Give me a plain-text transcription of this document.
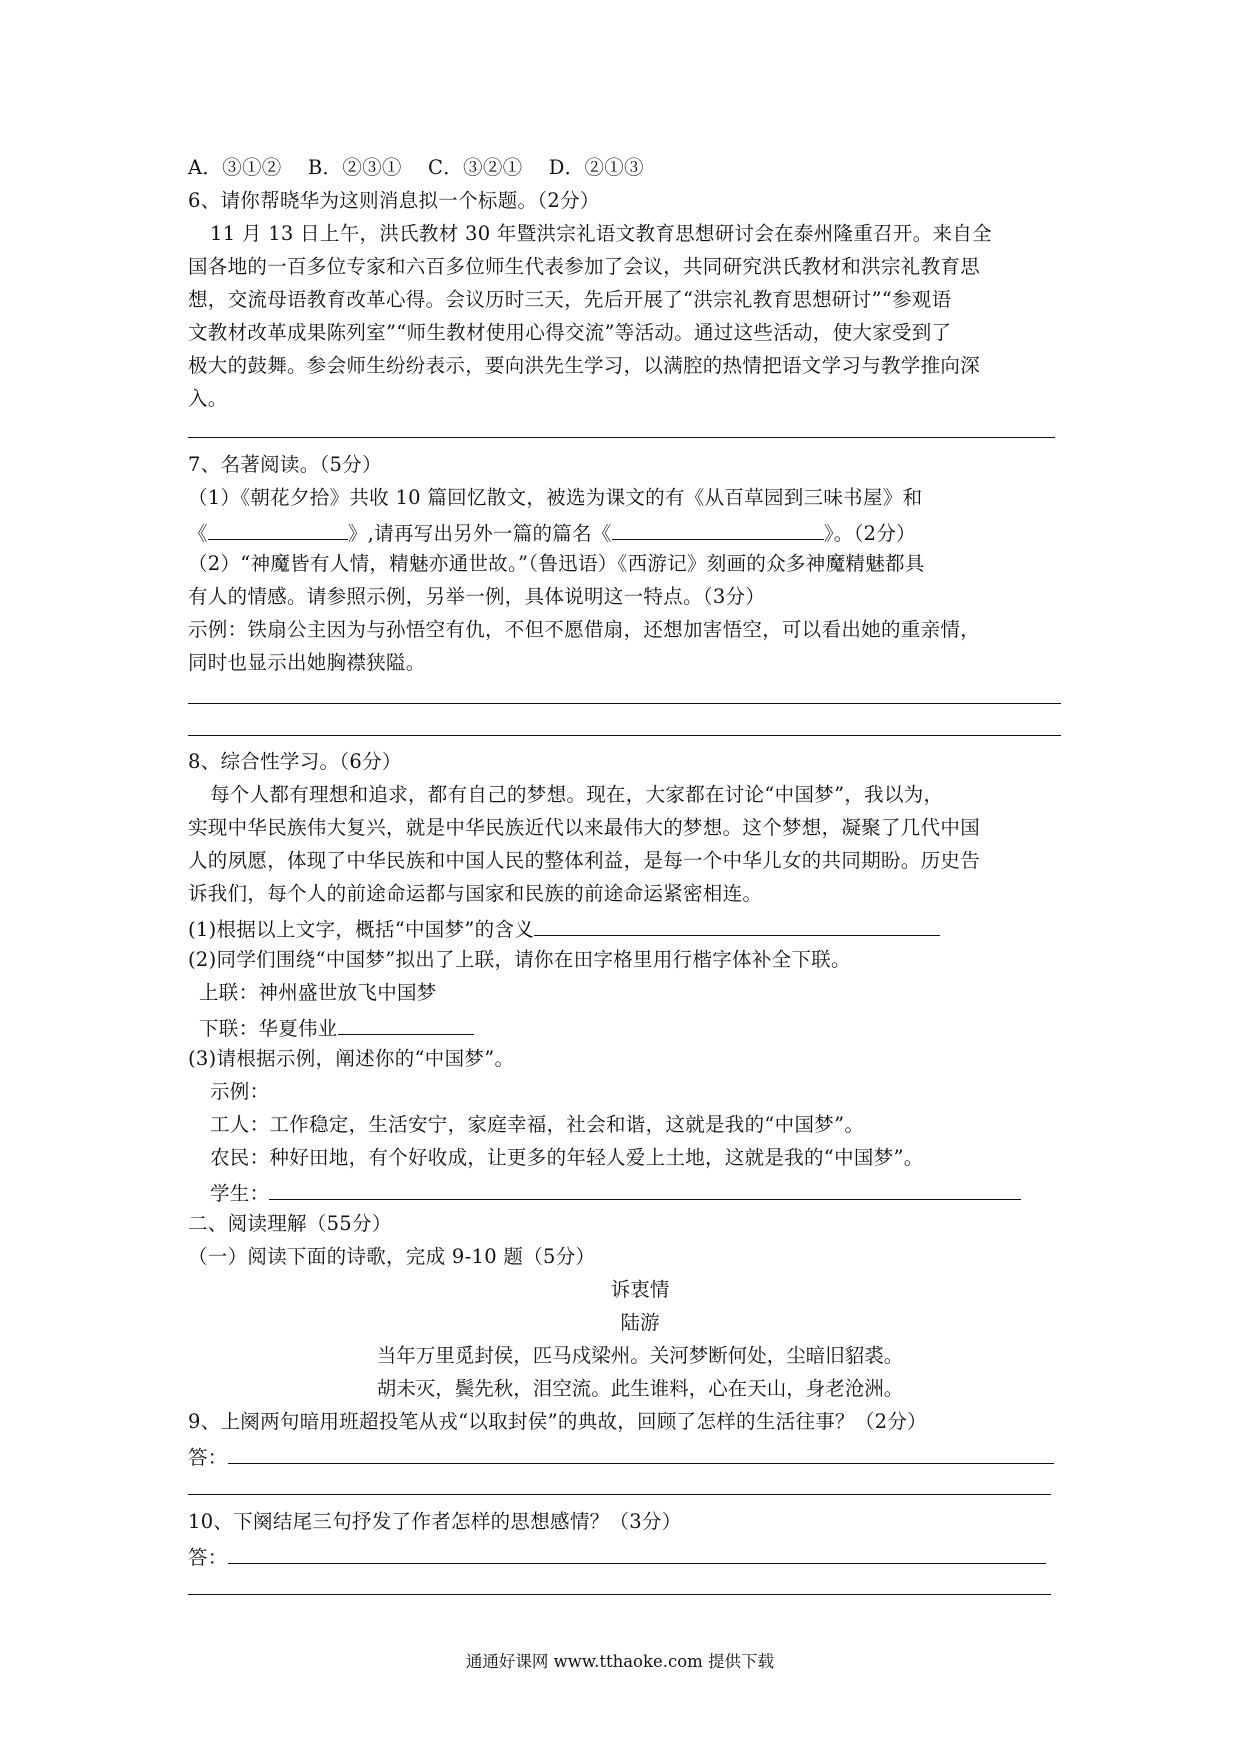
A．③①②　 B．②③①　 C．③②①　 D．②①③
6、请你帮晓华为这则消息拟一个标题。（2分）
11 月 13 日上午，洪氏教材 30 年暨洪宗礼语文教育思想研讨会在泰州隆重召开。来自全
国各地的一百多位专家和六百多位师生代表参加了会议，共同研究洪氏教材和洪宗礼教育思
想，交流母语教育改革心得。会议历时三天，先后开展了“洪宗礼教育思想研讨”“参观语
文教材改革成果陈列室”“师生教材使用心得交流”等活动。通过这些活动，使大家受到了
极大的鼓舞。参会师生纷纷表示，要向洪先生学习，以满腔的热情把语文学习与教学推向深
入。
7、名著阅读。（5分）
（1）《朝花夕拾》共收 10 篇回忆散文，被选为课文的有《从百草园到三味书屋》和
《	》,请再写出另外一篇的篇名《	》。（2分）
（2）“神魔皆有人情，精魅亦通世故。”（鲁迅语）《西游记》刻画的众多神魔精魅都具
有人的情感。请参照示例，另举一例，具体说明这一特点。（3分）
示例：铁扇公主因为与孙悟空有仇，不但不愿借扇，还想加害悟空，可以看出她的重亲情，
同时也显示出她胸襟狭隘。
8、综合性学习。（6分）
每个人都有理想和追求，都有自己的梦想。现在，大家都在讨论“中国梦”，我以为，
实现中华民族伟大复兴，就是中华民族近代以来最伟大的梦想。这个梦想，凝聚了几代中国
人的夙愿，体现了中华民族和中国人民的整体利益，是每一个中华儿女的共同期盼。历史告
诉我们，每个人的前途命运都与国家和民族的前途命运紧密相连。
(1)根据以上文字，概括“中国梦”的含义
(2)同学们围绕“中国梦”拟出了上联，请你在田字格里用行楷字体补全下联。
上联：神州盛世放飞中国梦
下联：华夏伟业
(3)请根据示例，阐述你的“中国梦”。
示例：
工人：工作稳定，生活安宁，家庭幸福，社会和谐，这就是我的“中国梦”。
农民：种好田地，有个好收成，让更多的年轻人爱上土地，这就是我的“中国梦”。
学生：
二、阅读理解（55分）
（一）阅读下面的诗歌，完成 9-10 题（5分）
诉衷情
陆游
当年万里觅封侯，匹马戍梁州。关河梦断何处，尘暗旧貂裘。
胡未灭，鬓先秋，泪空流。此生谁料，心在天山，身老沧洲。
9、上阕两句暗用班超投笔从戎“以取封侯”的典故，回顾了怎样的生活往事？（2分）
答：
10、下阕结尾三句抒发了作者怎样的思想感情？（3分）
答：
通通好课网 www.tthaoke.com 提供下载
